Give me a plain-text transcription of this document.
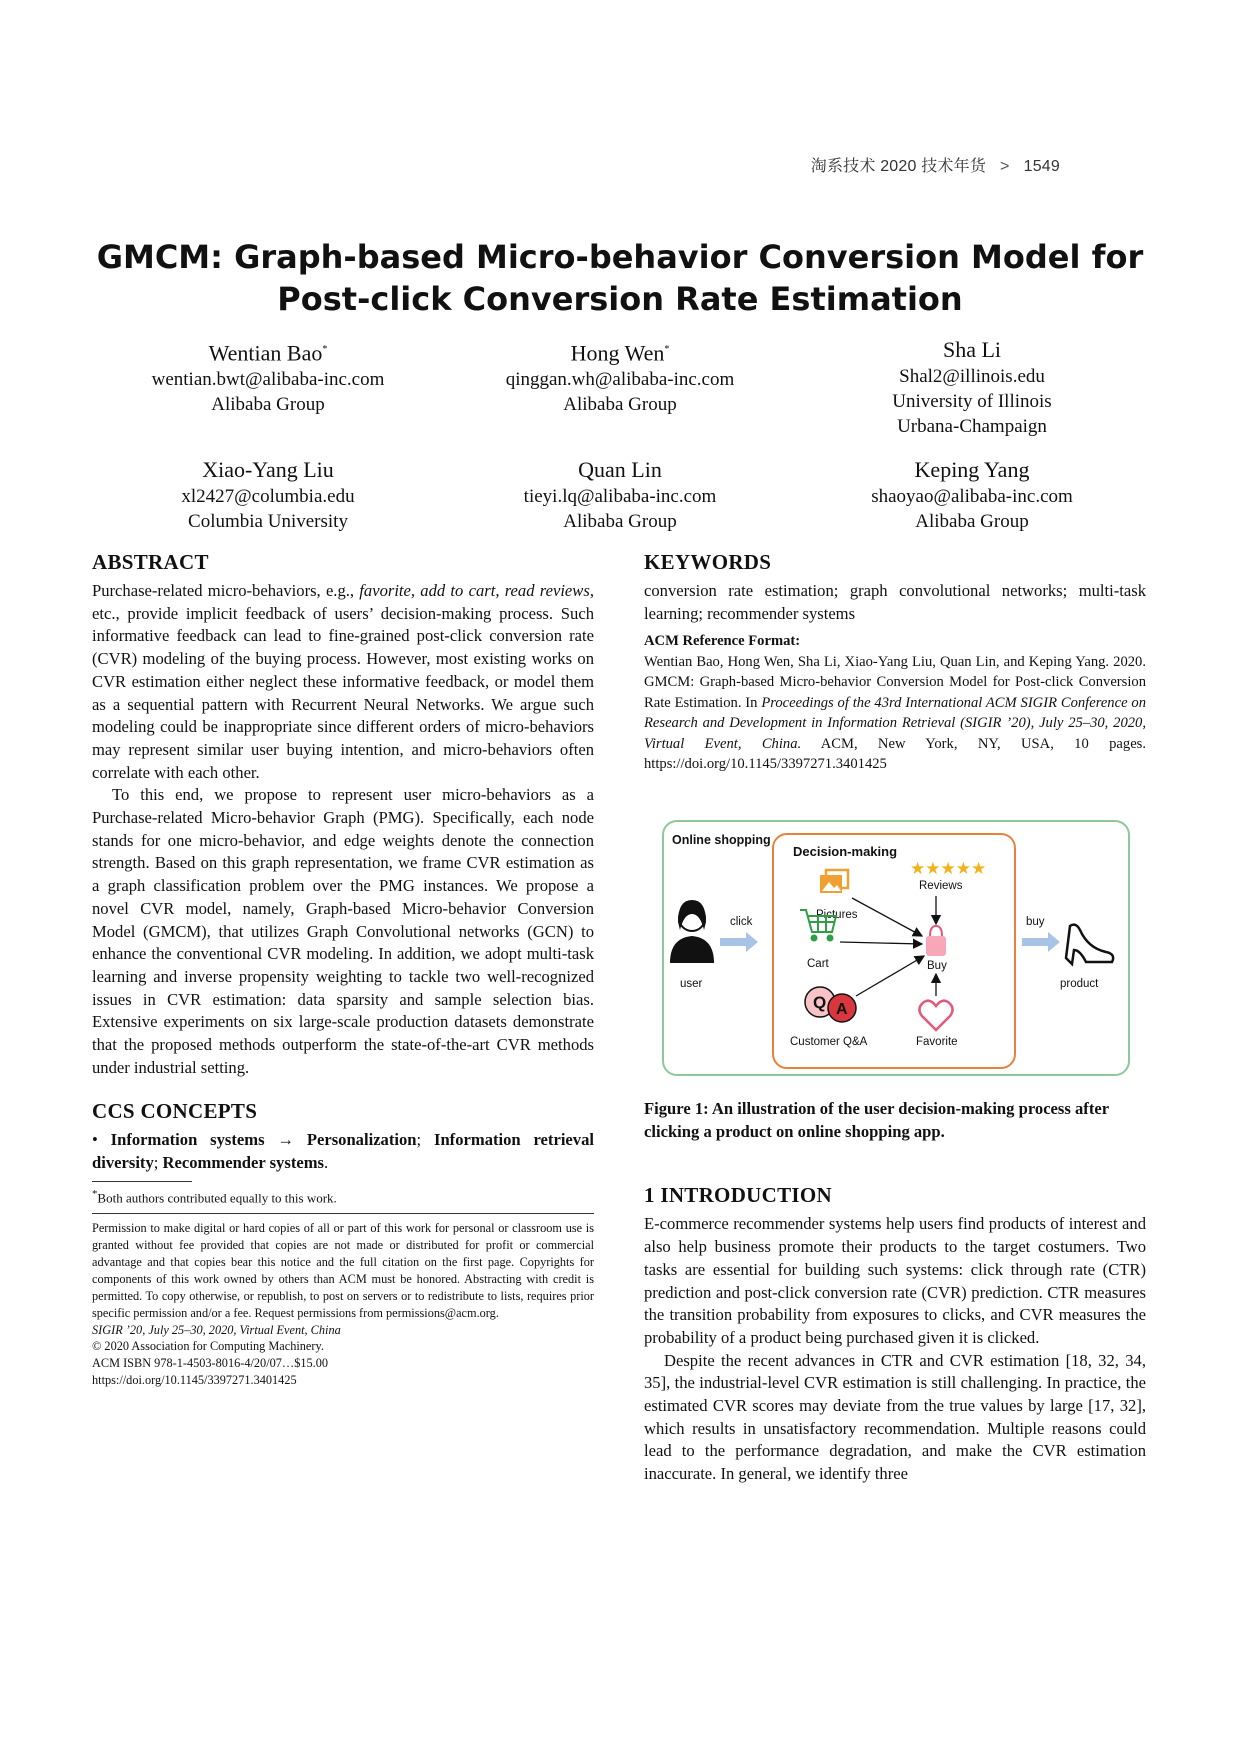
淘系技术 2020 技术年货 > 1549
GMCM: Graph-based Micro-behavior Conversion Model for
Post-click Conversion Rate Estimation
Wentian Bao*
wentian.bwt@alibaba-inc.com
Alibaba Group
Hong Wen*
qinggan.wh@alibaba-inc.com
Alibaba Group
Sha Li
Shal2@illinois.edu
University of Illinois
Urbana-Champaign
Xiao-Yang Liu
xl2427@columbia.edu
Columbia University
Quan Lin
tieyi.lq@alibaba-inc.com
Alibaba Group
Keping Yang
shaoyao@alibaba-inc.com
Alibaba Group
ABSTRACT

Purchase-related micro-behaviors, e.g., favorite, add to cart, read reviews, etc., provide implicit feedback of users’ decision-making process. Such informative feedback can lead to fine-grained post-click conversion rate (CVR) modeling of the buying process. However, most existing works on CVR estimation either neglect these informative feedback, or model them as a sequential pattern with Recurrent Neural Networks. We argue such modeling could be inappropriate since different orders of micro-behaviors may represent similar user buying intention, and micro-behaviors often correlate with each other.

To this end, we propose to represent user micro-behaviors as a Purchase-related Micro-behavior Graph (PMG). Specifically, each node stands for one micro-behavior, and edge weights denote the connection strength. Based on this graph representation, we frame CVR estimation as a graph classification problem over the PMG instances. We propose a novel CVR model, namely, Graph-based Micro-behavior Conversion Model (GMCM), that utilizes Graph Convolutional networks (GCN) to enhance the conventional CVR modeling. In addition, we adopt multi-task learning and inverse propensity weighting to tackle two well-recognized issues in CVR estimation: data sparsity and sample selection bias. Extensive experiments on six large-scale production datasets demonstrate that the proposed methods outperform the state-of-the-art CVR methods under industrial setting.

CCS CONCEPTS

• Information systems → Personalization; Information retrieval diversity; Recommender systems.

*Both authors contributed equally to this work.

Permission to make digital or hard copies of all or part of this work for personal or classroom use is granted without fee provided that copies are not made or distributed for profit or commercial advantage and that copies bear this notice and the full citation on the first page. Copyrights for components of this work owned by others than ACM must be honored. Abstracting with credit is permitted. To copy otherwise, or republish, to post on servers or to redistribute to lists, requires prior specific permission and/or a fee. Request permissions from permissions@acm.org.

SIGIR ’20, July 25–30, 2020, Virtual Event, China

© 2020 Association for Computing Machinery.

ACM ISBN 978-1-4503-8016-4/20/07…$15.00

https://doi.org/10.1145/3397271.3401425

KEYWORDS

conversion rate estimation; graph convolutional networks; multi-task learning; recommender systems

ACM Reference Format:

Wentian Bao, Hong Wen, Sha Li, Xiao-Yang Liu, Quan Lin, and Keping Yang. 2020. GMCM: Graph-based Micro-behavior Conversion Model for Post-click Conversion Rate Estimation. In Proceedings of the 43rd International ACM SIGIR Conference on Research and Development in Information Retrieval (SIGIR ’20), July 25–30, 2020, Virtual Event, China. ACM, New York, NY, USA, 10 pages. https://doi.org/10.1145/3397271.3401425

Online shopping
Decision-making
user
click
Pictures
★★★★★
Reviews
Cart	Buy
Q A
Customer Q&A	Favorite
buy
product

Figure 1: An illustration of the user decision-making process after clicking a product on online shopping app.

1 INTRODUCTION

E-commerce recommender systems help users find products of interest and also help business promote their products to the target costumers. Two tasks are essential for building such systems: click through rate (CTR) prediction and post-click conversion rate (CVR) prediction. CTR measures the transition probability from exposures to clicks, and CVR measures the probability of a product being purchased given it is clicked.

Despite the recent advances in CTR and CVR estimation [18, 32, 34, 35], the industrial-level CVR estimation is still challenging. In practice, the estimated CVR scores may deviate from the true values by large [17, 32], which results in unsatisfactory recommendation. Multiple reasons could lead to the performance degradation, and make the CVR estimation inaccurate. In general, we identify three
